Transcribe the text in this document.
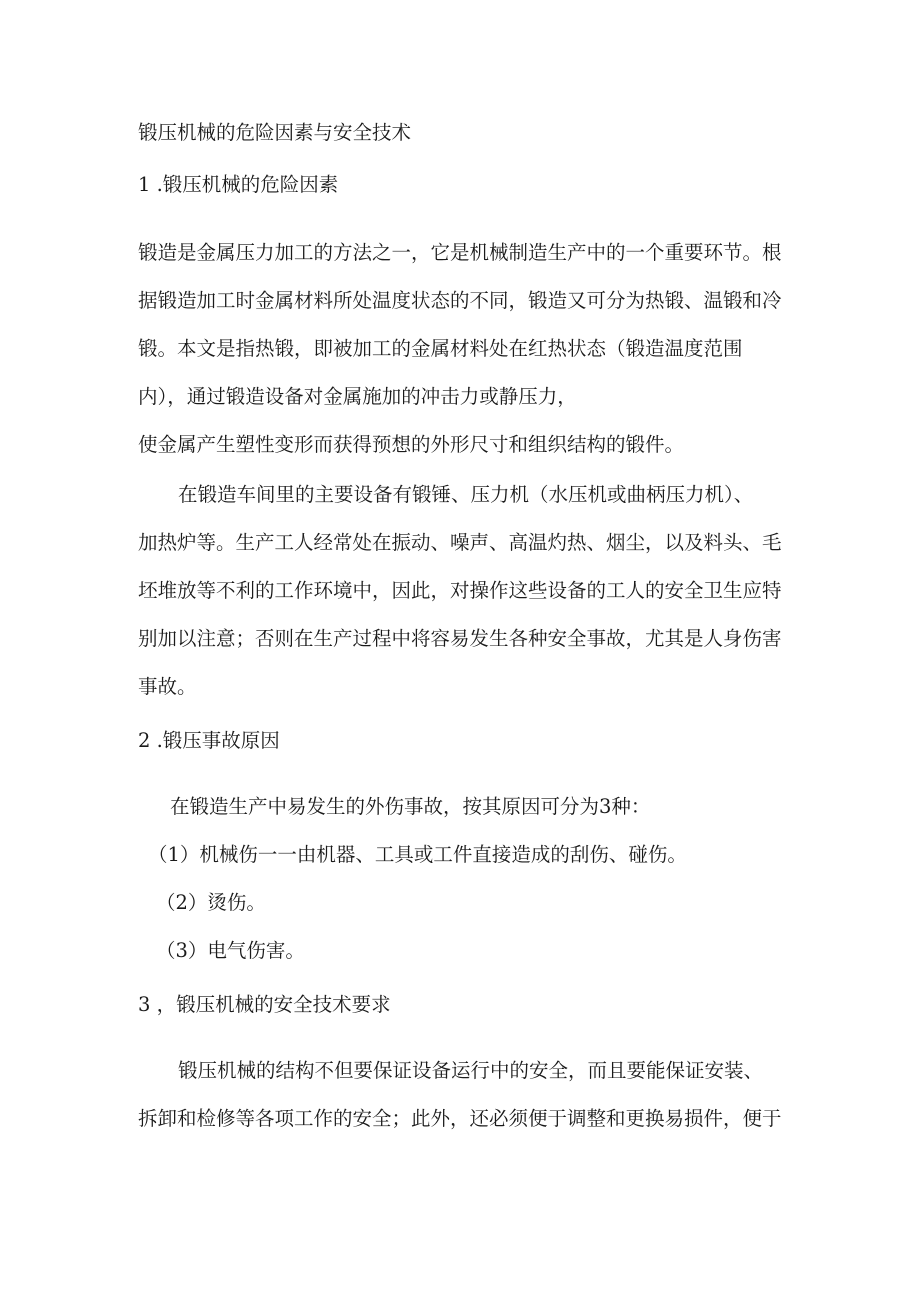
锻压机械的危险因素与安全技术

1 .锻压机械的危险因素

锻造是金属压力加工的方法之一，它是机械制造生产中的一个重要环节。根

据锻造加工时金属材料所处温度状态的不同，锻造又可分为热锻、温锻和冷

锻。本文是指热锻，即被加工的金属材料处在红热状态（锻造温度范围

内），通过锻造设备对金属施加的冲击力或静压力，

使金属产生塑性变形而获得预想的外形尺寸和组织结构的锻件。

在锻造车间里的主要设备有锻锤、压力机（水压机或曲柄压力机）、

加热炉等。生产工人经常处在振动、噪声、高温灼热、烟尘，以及料头、毛

坯堆放等不利的工作环境中，因此，对操作这些设备的工人的安全卫生应特

别加以注意；否则在生产过程中将容易发生各种安全事故，尤其是人身伤害

事故。

2 .锻压事故原因

在锻造生产中易发生的外伤事故，按其原因可分为3种：

（1）机械伤一一由机器、工具或工件直接造成的刮伤、碰伤。

（2）烫伤。

（3）电气伤害。

3 ，锻压机械的安全技术要求

锻压机械的结构不但要保证设备运行中的安全，而且要能保证安装、

拆卸和检修等各项工作的安全；此外，还必须便于调整和更换易损件，便于
